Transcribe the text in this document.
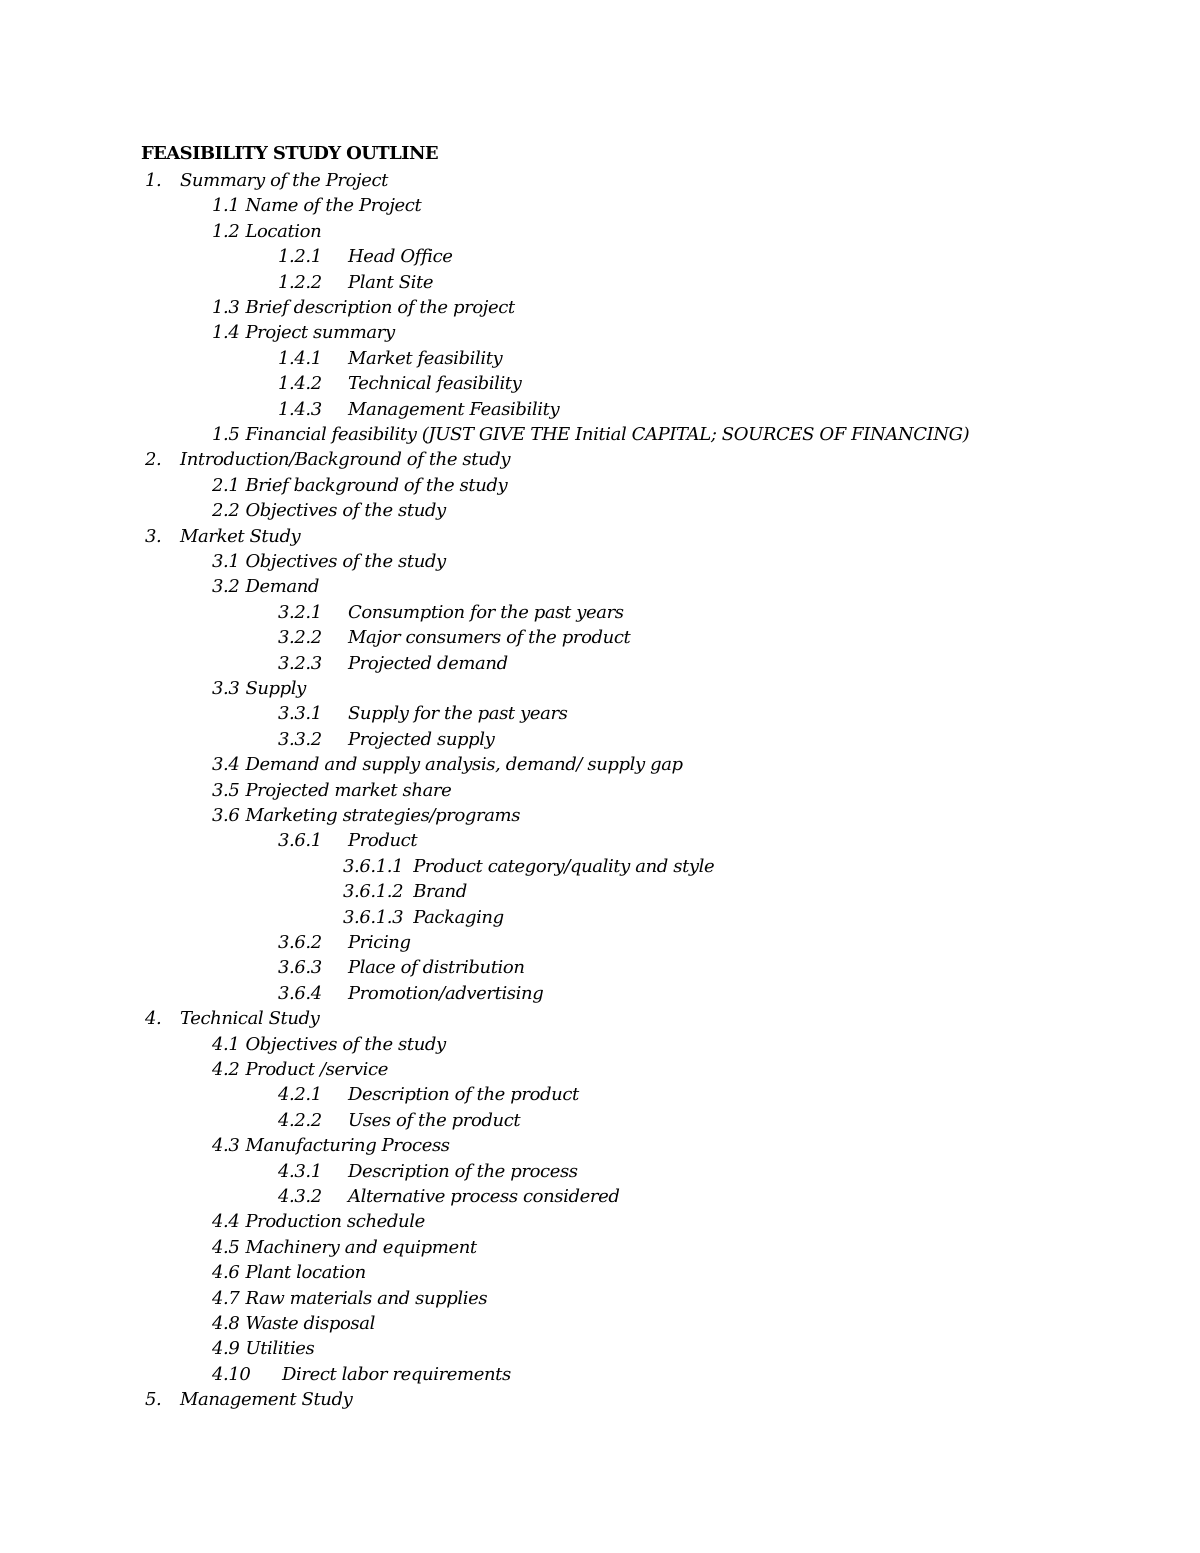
FEASIBILITY STUDY OUTLINE
1. Summary of the Project
1.1 Name of the Project
1.2 Location
1.2.1 Head Office
1.2.2 Plant Site
1.3 Brief description of the project
1.4 Project summary
1.4.1 Market feasibility
1.4.2 Technical feasibility
1.4.3 Management Feasibility
1.5 Financial feasibility (JUST GIVE THE Initial CAPITAL; SOURCES OF FINANCING)
2. Introduction/Background of the study
2.1 Brief background of the study
2.2 Objectives of the study
3. Market Study
3.1 Objectives of the study
3.2 Demand
3.2.1 Consumption for the past years
3.2.2 Major consumers of the product
3.2.3 Projected demand
3.3 Supply
3.3.1 Supply for the past years
3.3.2 Projected supply
3.4 Demand and supply analysis, demand/ supply gap
3.5 Projected market share
3.6 Marketing strategies/programs
3.6.1 Product
3.6.1.1 Product category/quality and style
3.6.1.2 Brand
3.6.1.3 Packaging
3.6.2 Pricing
3.6.3 Place of distribution
3.6.4 Promotion/advertising
4. Technical Study
4.1 Objectives of the study
4.2 Product /service
4.2.1 Description of the product
4.2.2 Uses of the product
4.3 Manufacturing Process
4.3.1 Description of the process
4.3.2 Alternative process considered
4.4 Production schedule
4.5 Machinery and equipment
4.6 Plant location
4.7 Raw materials and supplies
4.8 Waste disposal
4.9 Utilities
4.10 Direct labor requirements
5. Management Study
